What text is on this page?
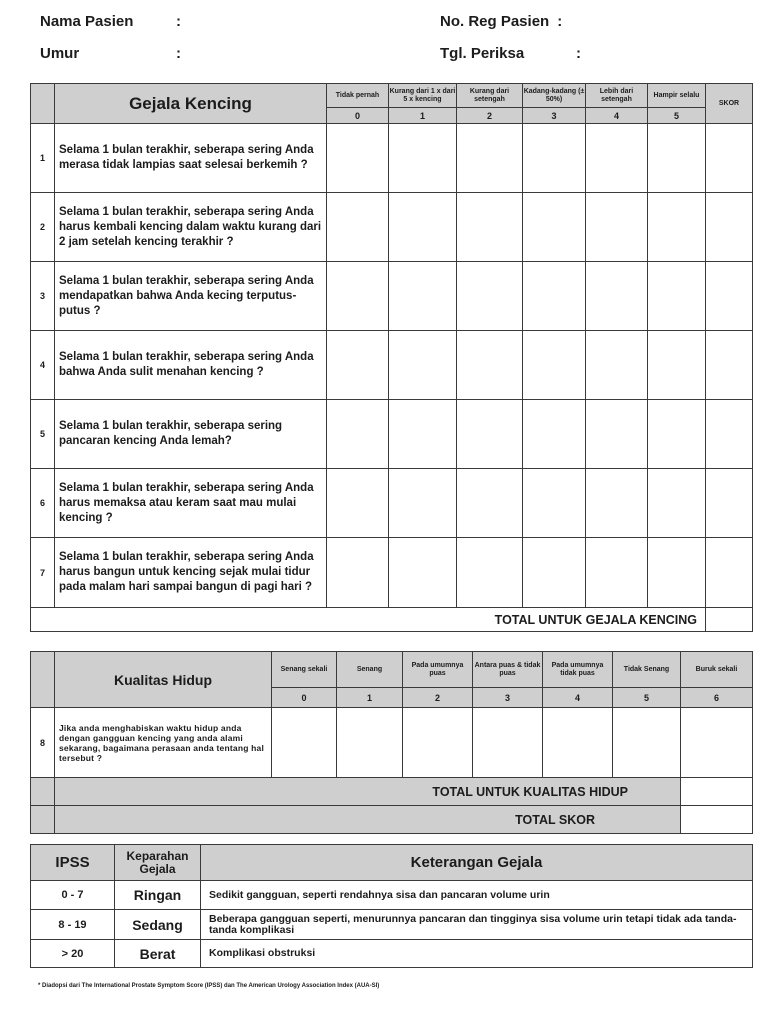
Nama Pasien	:
Umur	:
No. Reg Pasien :
Tgl. Periksa	:
	Gejala Kencing	Tidak pernah	Kurang dari 1 x dari 5 x kencing	Kurang dari setengah	Kadang-kadang (± 50%)	Lebih dari setengah	Hampir selalu	SKOR
		0	1	2	3	4	5	
1	Selama 1 bulan terakhir, seberapa sering Anda merasa tidak lampias saat selesai berkemih ?							
2	Selama 1 bulan terakhir, seberapa sering Anda harus kembali kencing dalam waktu kurang dari 2 jam setelah kencing terakhir ?							
3	Selama 1 bulan terakhir, seberapa sering Anda mendapatkan bahwa Anda kecing terputus-putus ?							
4	Selama 1 bulan terakhir, seberapa sering Anda bahwa Anda sulit menahan kencing ?							
5	Selama 1 bulan terakhir, seberapa sering pancaran kencing Anda lemah?							
6	Selama 1 bulan terakhir, seberapa sering Anda harus memaksa atau keram saat mau mulai kencing ?							
7	Selama 1 bulan terakhir, seberapa sering Anda harus bangun untuk kencing sejak mulai tidur pada malam hari sampai bangun di pagi hari ?							
TOTAL UNTUK GEJALA KENCING								
	Kualitas Hidup	Senang sekali	Senang	Pada umumnya puas	Antara puas & tidak puas	Pada umumnya tidak puas	Tidak Senang	Buruk sekali
		0	1	2	3	4	5	6
8	Jika anda menghabiskan waktu hidup anda dengan gangguan kencing yang anda alami sekarang, bagaimana perasaan anda tentang hal tersebut ?							
	TOTAL UNTUK KUALITAS HIDUP							
	TOTAL SKOR							
IPSS	Keparahan Gejala	Keterangan Gejala
0 - 7	Ringan	Sedikit gangguan, seperti rendahnya sisa dan pancaran volume urin
8 - 19	Sedang	Beberapa gangguan seperti, menurunnya pancaran dan tingginya sisa volume urin tetapi tidak ada tanda-tanda komplikasi
> 20	Berat	Komplikasi obstruksi
* Diadopsi dari The International Prostate Symptom Score (IPSS) dan The American Urology Association Index (AUA-SI)
